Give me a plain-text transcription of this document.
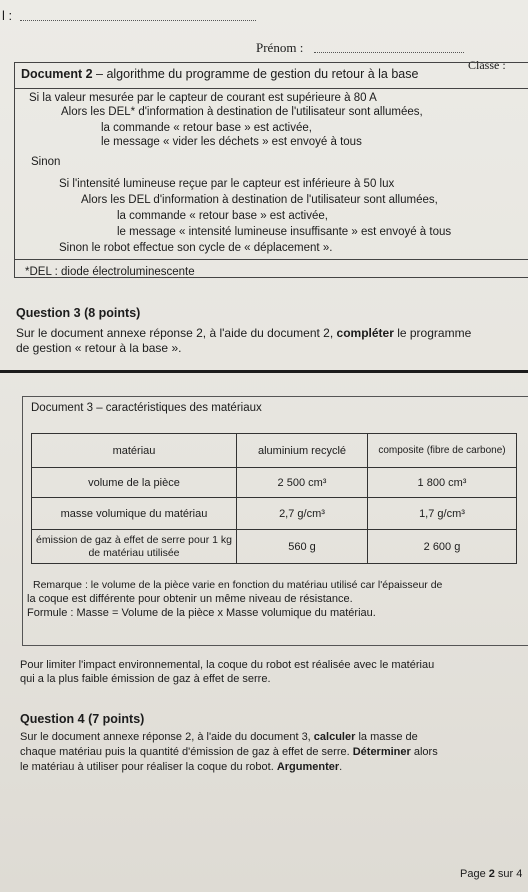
l :
Prénom :
Classe :
Document 2 – algorithme du programme de gestion du retour à la base
Si la valeur mesurée par le capteur de courant est supérieure à 80 A
Alors les DEL* d'information à destination de l'utilisateur sont allumées,
la commande « retour base » est activée,
le message « vider les déchets » est envoyé à tous
Sinon
Si l'intensité lumineuse reçue par le capteur est inférieure à 50 lux
Alors les DEL d'information à destination de l'utilisateur sont allumées,
la commande « retour base » est activée,
le message « intensité lumineuse insuffisante » est envoyé à tous
Sinon le robot effectue son cycle de « déplacement ».
*DEL : diode électroluminescente
Question 3 (8 points)
Sur le document annexe réponse 2, à l'aide du document 2, compléter le programme
de gestion « retour à la base ».
Document 3 – caractéristiques des matériaux
matériau	aluminium recyclé	composite (fibre de carbone)
volume de la pièce	2 500 cm³	1 800 cm³
masse volumique du matériau	2,7 g/cm³	1,7 g/cm³
émission de gaz à effet de serre pour 1 kg de matériau utilisée	560 g	2 600 g
Remarque : le volume de la pièce varie en fonction du matériau utilisé car l'épaisseur de
la coque est différente pour obtenir un même niveau de résistance.
Formule : Masse = Volume de la pièce x Masse volumique du matériau.
Pour limiter l'impact environnemental, la coque du robot est réalisée avec le matériau
qui a la plus faible émission de gaz à effet de serre.
Question 4 (7 points)
Sur le document annexe réponse 2, à l'aide du document 3, calculer la masse de
chaque matériau puis la quantité d'émission de gaz à effet de serre. Déterminer alors
le matériau à utiliser pour réaliser la coque du robot. Argumenter.
Page 2 sur 4
